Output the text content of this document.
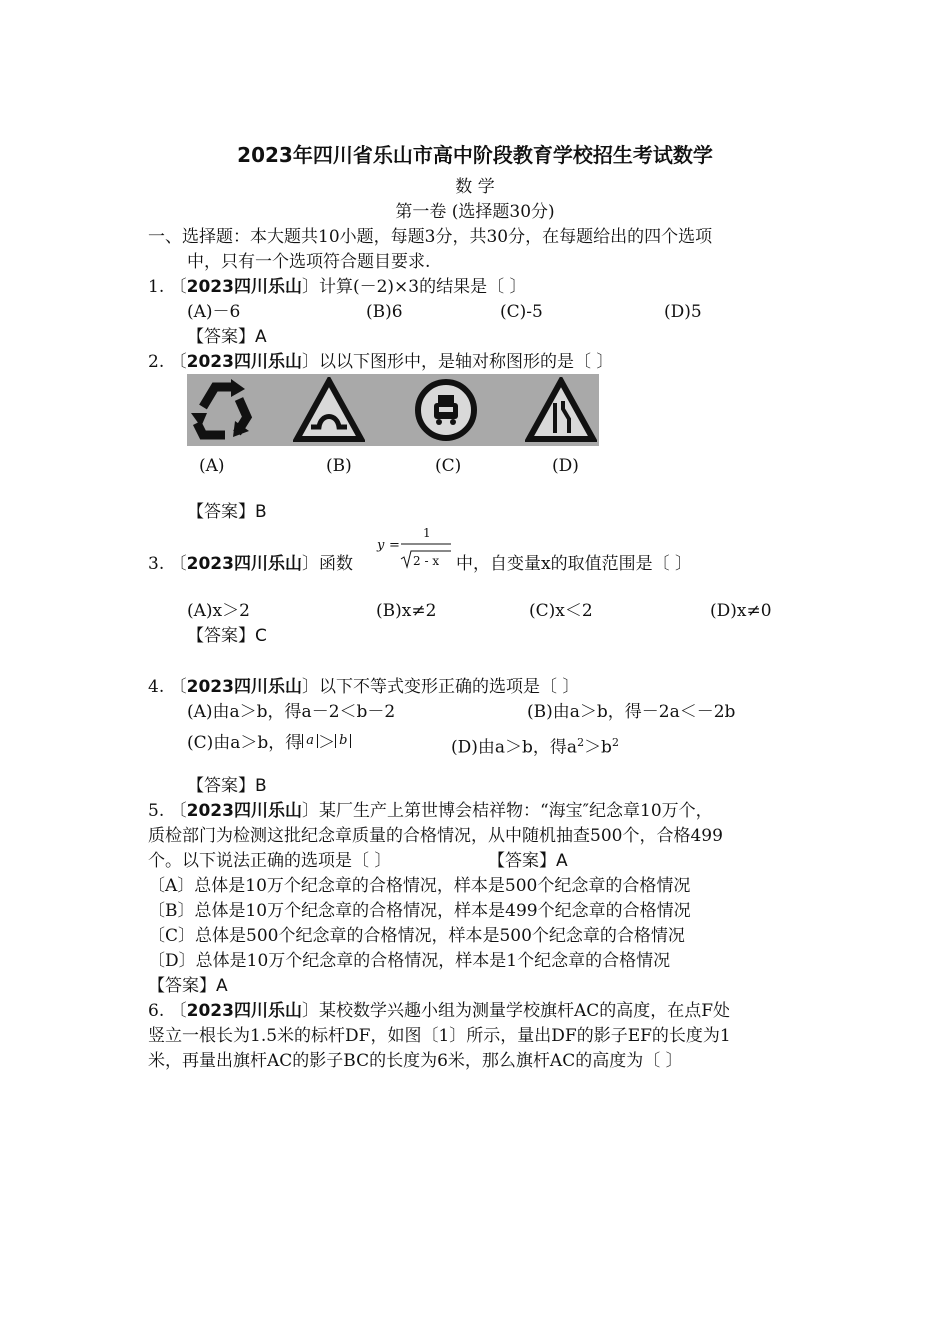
2023年四川省乐山市高中阶段教育学校招生考试数学
数 学
第一卷 (选择题30分)
一、选择题：本大题共10小题，每题3分，共30分，在每题给出的四个选项
中，只有一个选项符合题目要求.
1. 〔2023四川乐山〕计算(－2)×3的结果是〔 〕
(A)－6	(B)6	(C)-5	(D)5
【答案】A
2. 〔2023四川乐山〕以以下图形中，是轴对称图形的是〔 〕
(A)	(B)	(C)	(D)
【答案】B
3. 〔2023四川乐山〕函数
y =
1
2 - x 中，自变量x的取值范围是〔 〕
(A)x＞2	(B)x≠2	(C)x＜2	(D)x≠0
【答案】C
4. 〔2023四川乐山〕以下不等式变形正确的选项是〔 〕
(A)由a＞b，得a－2＜b－2	(B)由a＞b，得－2a＜－2b
(C)由a＞b，得 a ＞ b	(D)由a＞b，得$a^2>b^2$
【答案】B
5. 〔2023四川乐山〕某厂生产上第世博会桔祥物：“海宝″纪念章10万个，
质检部门为检测这批纪念章质量的合格情况，从中随机抽查500个，合格499
个。以下说法正确的选项是〔 〕	【答案】A
〔A〕总体是10万个纪念章的合格情况，样本是500个纪念章的合格情况
〔B〕总体是10万个纪念章的合格情况，样本是499个纪念章的合格情况
〔C〕总体是500个纪念章的合格情况，样本是500个纪念章的合格情况
〔D〕总体是10万个纪念章的合格情况，样本是1个纪念章的合格情况
【答案】A
6. 〔2023四川乐山〕某校数学兴趣小组为测量学校旗杆AC的高度，在点F处
竖立一根长为1.5米的标杆DF，如图〔1〕所示，量出DF的影子EF的长度为1
米，再量出旗杆AC的影子BC的长度为6米，那么旗杆AC的高度为〔 〕
